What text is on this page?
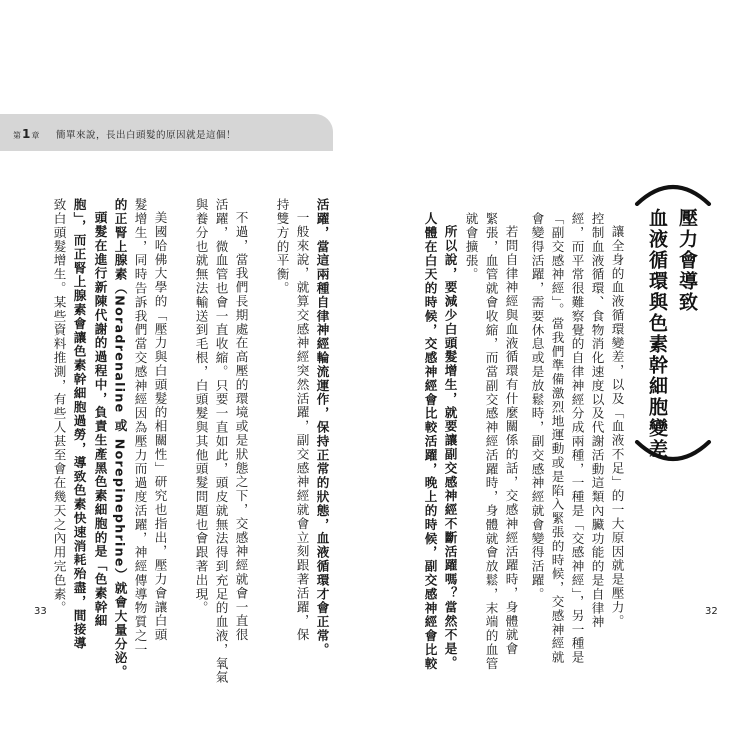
第1章 簡單來說，長出白頭髮的原因就是這個！
壓力會導致
血液循環與色素幹細胞變差
讓全身的血液循環變差，以及「血液不足」的一大原因就是壓力。
控制血液循環、食物消化速度以及代謝活動這類內臟功能的是自律神
經，而平常很難察覺的自律神經分成兩種，一種是「交感神經」，另一種是
「副交感神經」。當我們準備激烈地運動或是陷入緊張的時候，交感神經就
會變得活躍，需要休息或是放鬆時，副交感神經就會變得活躍。
若問自律神經與血液循環有什麼關係的話，交感神經活躍時，身體就會
緊張，血管就會收縮，而當副交感神經活躍時，身體就會放鬆，末端的血管
就會擴張。
所以說，要減少白頭髮增生，就要讓副交感神經不斷活躍嗎？當然不是。
人體在白天的時候，交感神經會比較活躍，晚上的時候，副交感神經會比較
活躍，當這兩種自律神經輪流運作，保持正常的狀態，血液循環才會正常。
一般來說，就算交感神經突然活躍，副交感神經就會立刻跟著活躍，保
持雙方的平衡。
不過，當我們長期處在高壓的環境或是狀態之下，交感神經就會一直很
活躍，微血管也會一直收縮。只要一直如此，頭皮就無法得到充足的血液，氧氣
與養分也就無法輸送到毛根，白頭髮與其他頭髮問題也會跟著出現。
美國哈佛大學的「壓力與白頭髮的相關性」研究也指出，壓力會讓白頭
髮增生，同時告訴我們當交感神經因為壓力而過度活躍，神經傳導物質之一
的正腎上腺素（Noradrenaline 或 Norepinephrine）就會大量分泌。
頭髮在進行新陳代謝的過程中，負責生產黑色素細胞的是「色素幹細
胞」，而正腎上腺素會讓色素幹細胞過勞，導致色素快速消耗殆盡，間接導
致白頭髮增生。某些資料推測，有些人甚至會在幾天之內用完色素。	32
33
